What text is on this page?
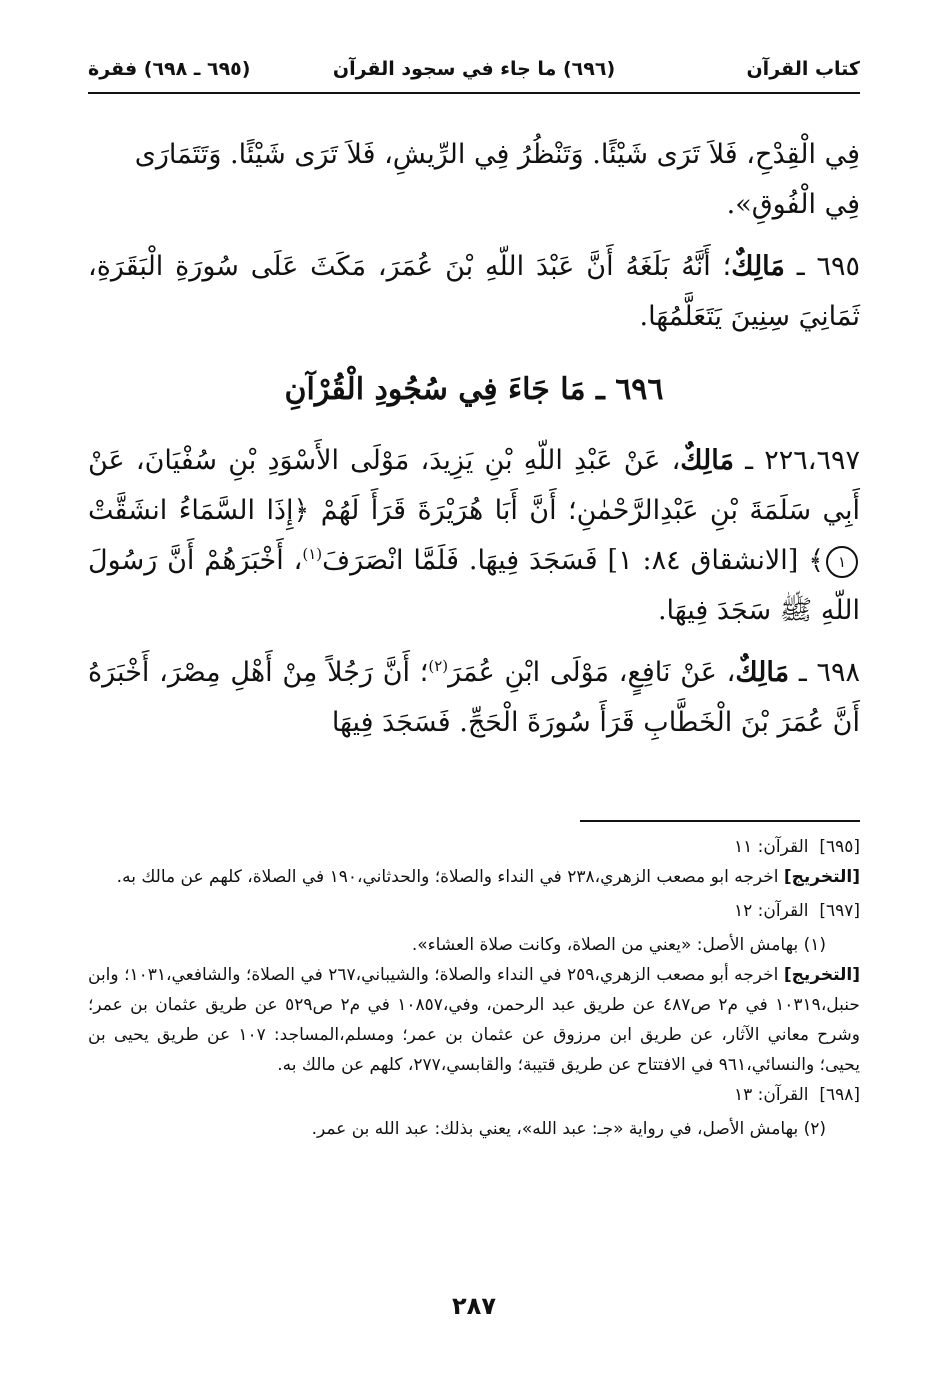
كتاب القرآن
(٦٩٦) ما جاء في سجود القرآن
(٦٩٥ ـ ٦٩٨) فقرة

فِي الْقِدْحِ، فَلاَ تَرَى شَيْئًا. وَتَنْظُرُ فِي الرِّيشِ، فَلاَ تَرَى شَيْئًا. وَتَتَمَارَى
فِي الْفُوقِ».

٦٩٥ ـ مَالِكٌ؛ أَنَّهُ بَلَغَهُ أَنَّ عَبْدَ اللّهِ بْنَ عُمَرَ، مَكَثَ عَلَى سُورَةِ الْبَقَرَةِ، ثَمَانِيَ سِنِينَ يَتَعَلَّمُهَا.

٦٩٦ ـ مَا جَاءَ فِي سُجُودِ الْقُرْآنِ

٢٢٦،٦٩٧ ـ مَالِكٌ، عَنْ عَبْدِ اللّهِ بْنِ يَزِيدَ، مَوْلَى الأَسْوَدِ بْنِ سُفْيَانَ، عَنْ أَبِي سَلَمَةَ بْنِ عَبْدِالرَّحْمٰنِ؛ أَنَّ أَبَا هُرَيْرَةَ قَرَأَ لَهُمْ ﴿إِذَا السَّمَاءُ انشَقَّتْ ١﴾ [الانشقاق ٨٤: ١] فَسَجَدَ فِيهَا. فَلَمَّا انْصَرَفَ$^{(١)}$، أَخْبَرَهُمْ أَنَّ رَسُولَ اللّهِ ﷺ سَجَدَ فِيهَا.

٦٩٨ ـ مَالِكٌ، عَنْ نَافِعٍ، مَوْلَى ابْنِ عُمَرَ$^{(٢)}$؛ أَنَّ رَجُلاً مِنْ أَهْلِ مِصْرَ، أَخْبَرَهُ أَنَّ عُمَرَ بْنَ الْخَطَّابِ قَرَأَ سُورَةَ الْحَجِّ. فَسَجَدَ فِيهَا

[٦٩٥]  القرآن: ١١

[التخريج] اخرجه ابو مصعب الزهري،٢٣٨ في النداء والصلاة؛ والحدثاني،١٩٠ في الصلاة، كلهم عن مالك به.

[٦٩٧]  القرآن: ١٢

(١) بهامش الأصل: «يعني من الصلاة، وكانت صلاة العشاء».

[التخريج] اخرجه أبو مصعب الزهري،٢٥٩ في النداء والصلاة؛ والشيباني،٢٦٧ في الصلاة؛ والشافعي،١٠٣١؛ وابن حنبل،١٠٣١٩ في م٢ ص٤٨٧ عن طريق عبد الرحمن، وفي،١٠٨٥٧ في م٢ ص٥٢٩ عن طريق عثمان بن عمر؛ وشرح معاني الآثار، عن طريق ابن مرزوق عن عثمان بن عمر؛ ومسلم،المساجد: ١٠٧ عن طريق يحيى بن يحيى؛ والنسائي،٩٦١ في الافتتاح عن طريق قتيبة؛ والقابسي،٢٧٧، كلهم عن مالك به.

[٦٩٨]  القرآن: ١٣

(٢) بهامش الأصل، في رواية «جـ: عبد الله»، يعني بذلك: عبد الله بن عمر.

٢٨٧
